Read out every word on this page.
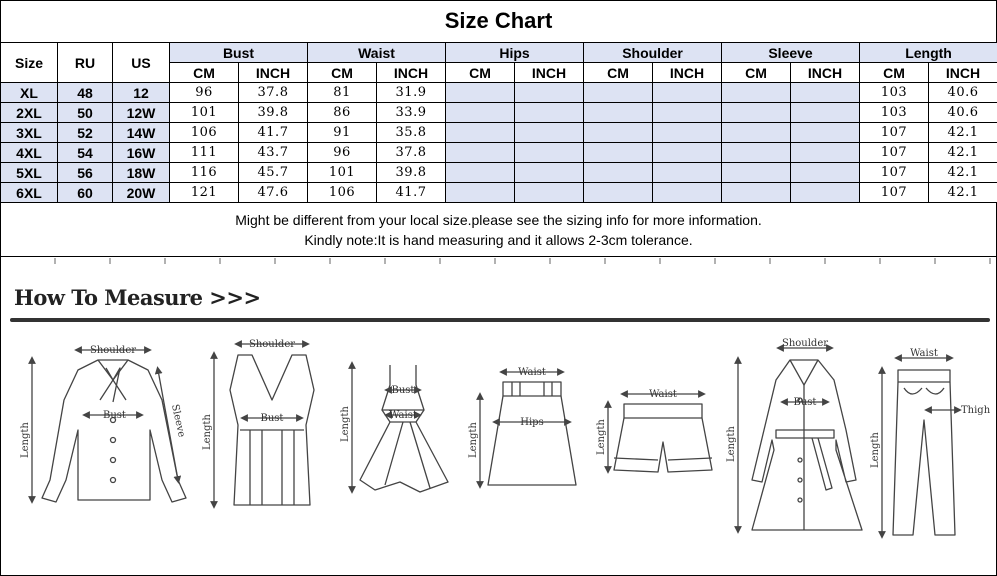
Size Chart
Size	RU	US	Bust		Waist		Hips		Shoulder		Sleeve		Length	
			CM	INCH	CM	INCH	CM	INCH	CM	INCH	CM	INCH	CM	INCH
XL	48	12	96	37.8	81	31.9							103	40.6
2XL	50	12W	101	39.8	86	33.9							103	40.6
3XL	52	14W	106	41.7	91	35.8							107	42.1
4XL	54	16W	111	43.7	96	37.8							107	42.1
5XL	56	18W	116	45.7	101	39.8							107	42.1
6XL	60	20W	121	47.6	106	41.7							107	42.1
Might be different from your local size.please see the sizing info for more information.
Kindly note:It is hand measuring and it allows 2-3cm tolerance.
How To Measure >>>
Shoulder
Bust
Length
Sleeve
Shoulder
Bust
Length
Bust
Waist
Length
Waist
Hips
Length
Waist
Length
Shoulder
Bust
Length
Waist
Thigh
Length
